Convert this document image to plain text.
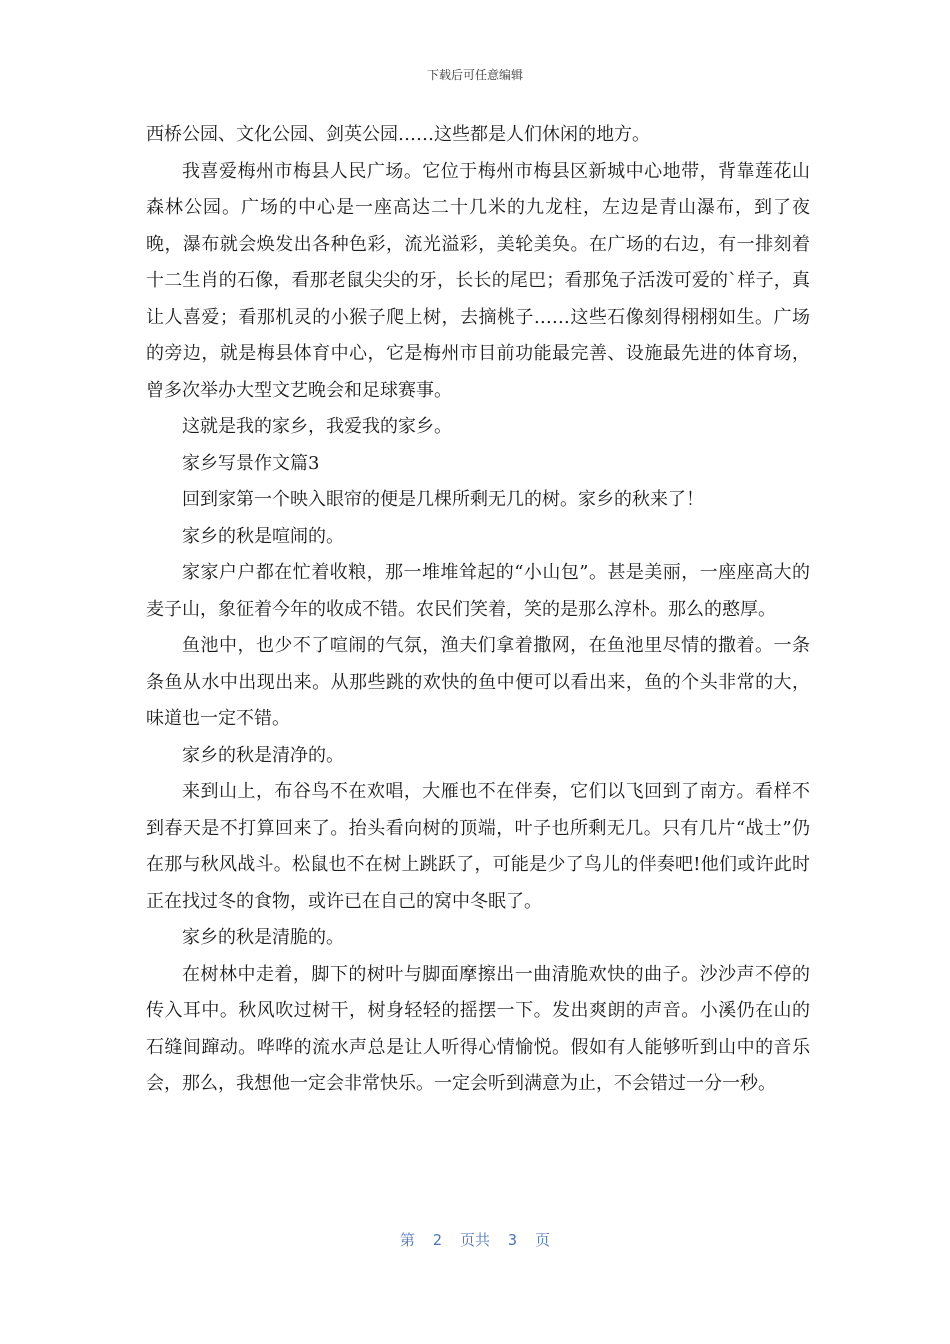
下载后可任意编辑

西桥公园、文化公园、剑英公园……这些都是人们休闲的地方。

我喜爱梅州市梅县人民广场。它位于梅州市梅县区新城中心地带，背靠莲花山森林公园。广场的中心是一座高达二十几米的九龙柱，左边是青山瀑布，到了夜晚，瀑布就会焕发出各种色彩，流光溢彩，美轮美奂。在广场的右边，有一排刻着十二生肖的石像，看那老鼠尖尖的牙，长长的尾巴；看那兔子活泼可爱的`样子，真让人喜爱；看那机灵的小猴子爬上树，去摘桃子……这些石像刻得栩栩如生。广场的旁边，就是梅县体育中心，它是梅州市目前功能最完善、设施最先进的体育场，曾多次举办大型文艺晚会和足球赛事。

这就是我的家乡，我爱我的家乡。

家乡写景作文篇3

回到家第一个映入眼帘的便是几棵所剩无几的树。家乡的秋来了！

家乡的秋是喧闹的。

家家户户都在忙着收粮，那一堆堆耸起的“小山包”。甚是美丽，一座座高大的麦子山，象征着今年的收成不错。农民们笑着，笑的是那么淳朴。那么的憨厚。

鱼池中，也少不了喧闹的气氛，渔夫们拿着撒网，在鱼池里尽情的撒着。一条条鱼从水中出现出来。从那些跳的欢快的鱼中便可以看出来，鱼的个头非常的大，味道也一定不错。

家乡的秋是清净的。

来到山上，布谷鸟不在欢唱，大雁也不在伴奏，它们以飞回到了南方。看样不到春天是不打算回来了。抬头看向树的顶端，叶子也所剩无几。只有几片“战士”仍在那与秋风战斗。松鼠也不在树上跳跃了，可能是少了鸟儿的伴奏吧!他们或许此时正在找过冬的食物，或许已在自己的窝中冬眠了。

家乡的秋是清脆的。

在树林中走着，脚下的树叶与脚面摩擦出一曲清脆欢快的曲子。沙沙声不停的传入耳中。秋风吹过树干，树身轻轻的摇摆一下。发出爽朗的声音。小溪仍在山的石缝间蹿动。哗哗的流水声总是让人听得心情愉悦。假如有人能够听到山中的音乐会，那么，我想他一定会非常快乐。一定会听到满意为止，不会错过一分一秒。

第  2  页共  3  页
